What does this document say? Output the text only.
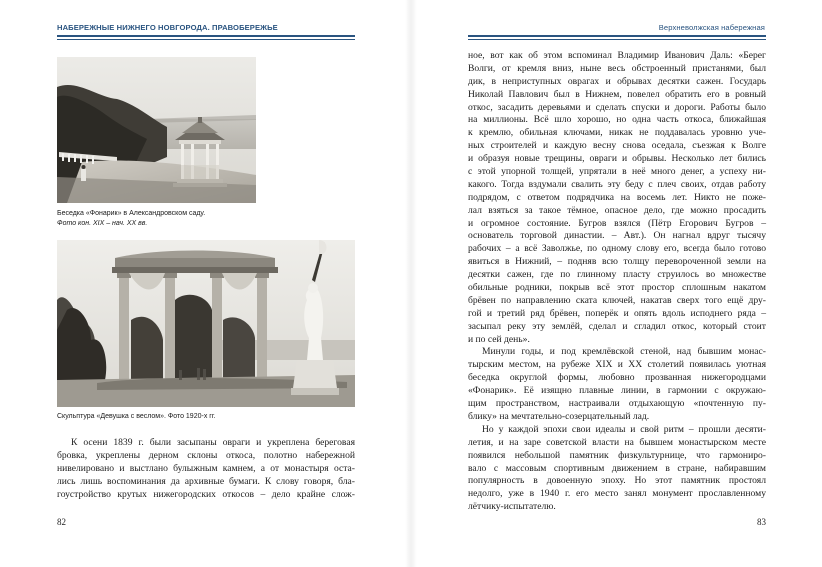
НАБЕРЕЖНЫЕ НИЖНЕГО НОВГОРОДА. ПРАВОБЕРЕЖЬЕ
Беседка «Фонарик» в Александровском саду.
Фото кон. XIX – нач. XX вв.
Скульптура «Девушка с веслом». Фото 1920-х гг.
К осени 1839 г. были засыпаны овраги и укреплена береговая
бровка, укреплены дерном склоны откоса, полотно набережной
нивелировано и выстлано булыжным камнем, а от монастыря оста-
лись лишь воспоминания да архивные бумаги. К слову говоря, бла-
гоустройство крутых нижегородских откосов – дело крайне слож-
82
Верхневолжская набережная
ное, вот как об этом вспоминал Владимир Иванович Даль: «Берег
Волги, от кремля вниз, ныне весь обстроенный пристанями, был
дик, в неприступных оврагах и обрывах десятки сажен. Государь
Николай Павлович был в Нижнем, повелел обратить его в ровный
откос, засадить деревьями и сделать спуски и дороги. Работы было
на миллионы. Всё шло хорошо, но одна часть откоса, ближайшая
к кремлю, обильная ключами, никак не поддавалась уровню уче-
ных строителей и каждую весну снова оседала, съезжая к Волге
и образуя новые трещины, овраги и обрывы. Несколько лет бились
с этой упорной толщей, упрятали в неё много денег, а успеху ни-
какого. Тогда вздумали свалить эту беду с плеч своих, отдав работу
подрядом, с ответом подрядчика на восемь лет. Никто не поже-
лал взяться за такое тёмное, опасное дело, где можно просадить
и огромное состояние. Бугров взялся (Пётр Егорович Бугров –
основатель торговой династии. – Авт.). Он нагнал вдруг тысячу
рабочих – а всё Заволжье, по одному слову его, всегда было готово
явиться в Нижний, – подняв всю толщу перевороченной земли на
десятки сажен, где по глинному пласту струилось во множестве
обильные родники, покрыв всё этот простор сплошным накатом
брёвен по направлению ската ключей, накатав сверх того ещё дру-
гой и третий ряд брёвен, поперёк и опять вдоль исподнего ряда –
засыпал реку эту землёй, сделал и сгладил откос, который стоит
и по сей день».
Минули годы, и под кремлёвской стеной, над бывшим монас-
тырским местом, на рубеже XIX и XX столетий появилась уютная
беседка округлой формы, любовно прозванная нижегородцами
«Фонарик». Её изящно плавные линии, в гармонии с окружаю-
щим пространством, настраивали отдыхающую «почтенную пу-
блику» на мечтательно-созерцательный лад.
Но у каждой эпохи свои идеалы и свой ритм – прошли десяти-
летия, и на заре советской власти на бывшем монастырском месте
появился небольшой памятник физкультурнице, что гармониро-
вало с массовым спортивным движением в стране, набиравшим
популярность в довоенную эпоху. Но этот памятник простоял
недолго, уже в 1940 г. его место занял монумент прославленному
лётчику-испытателю.
83
